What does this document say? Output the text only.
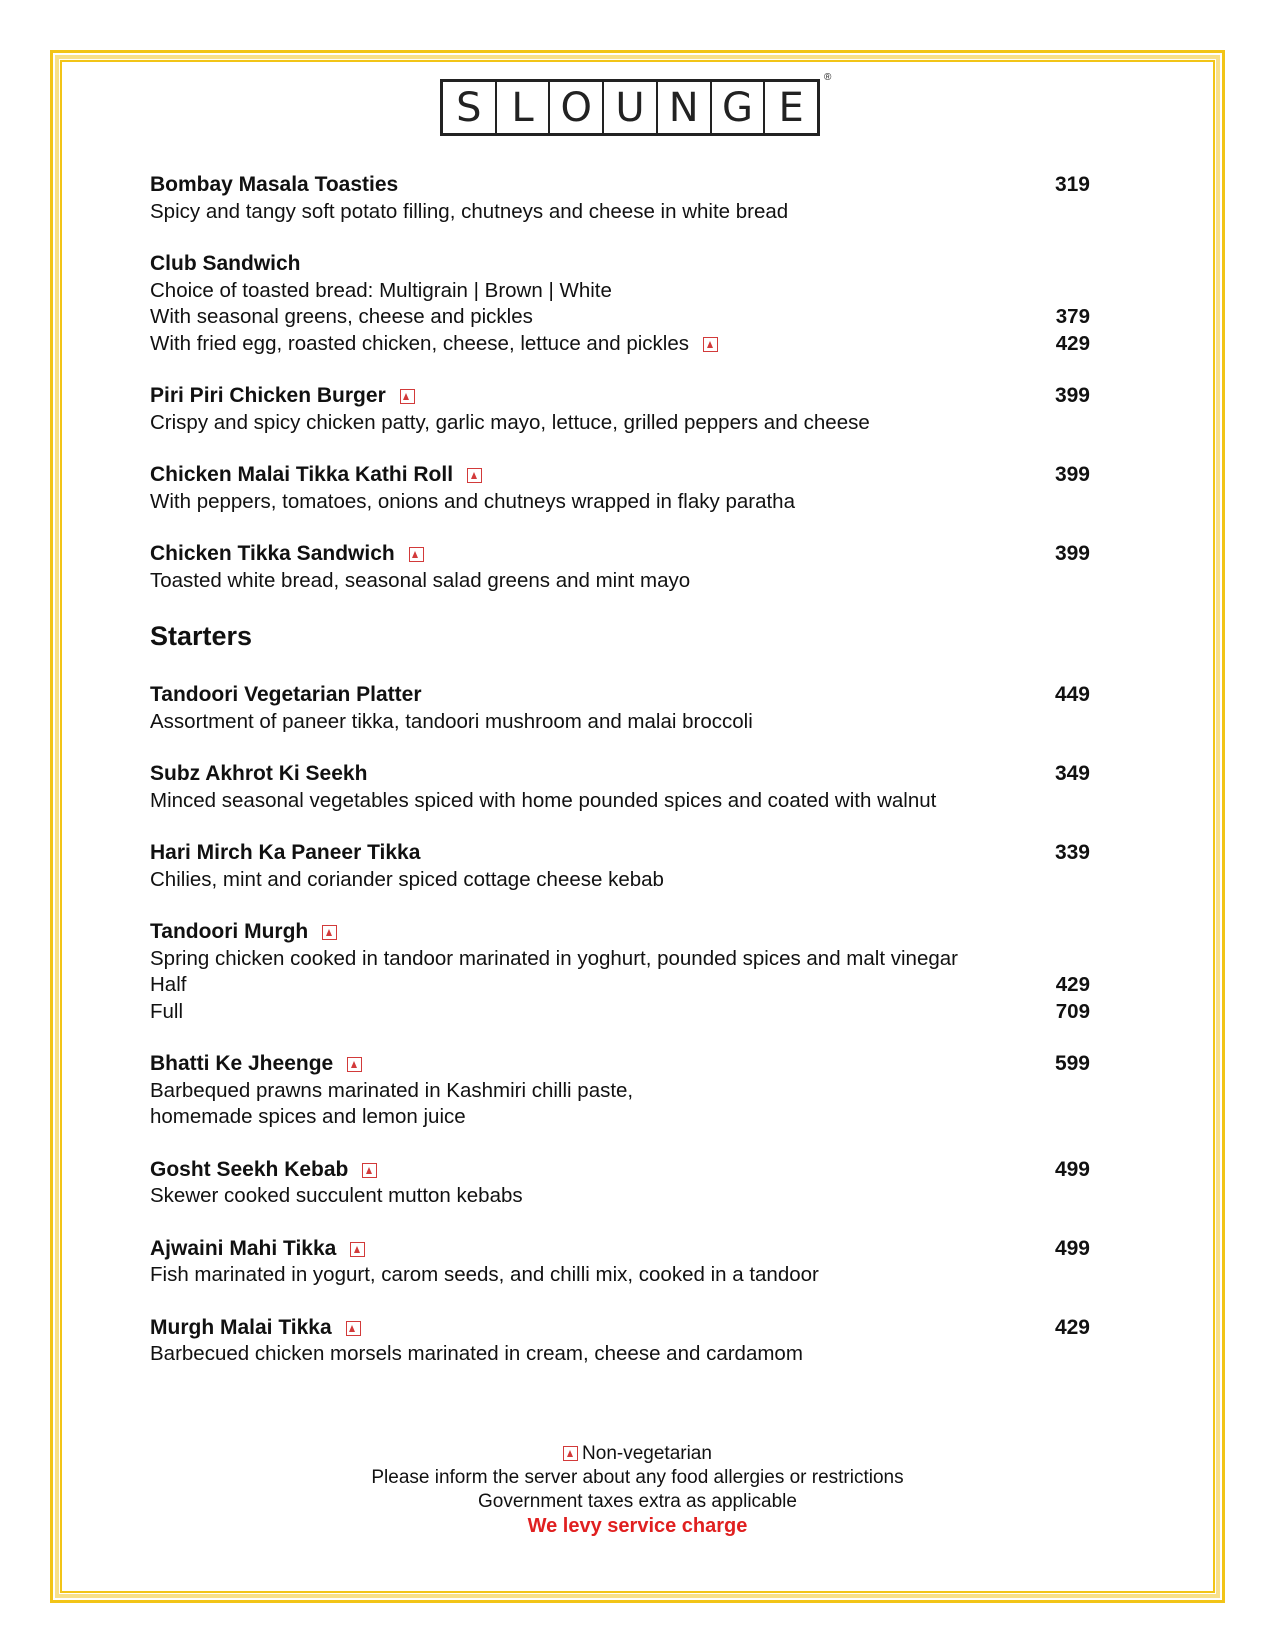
S L O U N G E
®
Bombay Masala Toasties	319
Spicy and tangy soft potato filling, chutneys and cheese in white bread
Club Sandwich
Choice of toasted bread: Multigrain | Brown | White
With seasonal greens, cheese and pickles	379
With fried egg, roasted chicken, cheese, lettuce and pickles	429
Piri Piri Chicken Burger	399
Crispy and spicy chicken patty, garlic mayo, lettuce, grilled peppers and cheese
Chicken Malai Tikka Kathi Roll	399
With peppers, tomatoes, onions and chutneys wrapped in flaky paratha
Chicken Tikka Sandwich	399
Toasted white bread, seasonal salad greens and mint mayo
Starters
Tandoori Vegetarian Platter	449
Assortment of paneer tikka, tandoori mushroom and malai broccoli
Subz Akhrot Ki Seekh	349
Minced seasonal vegetables spiced with home pounded spices and coated with walnut
Hari Mirch Ka Paneer Tikka	339
Chilies, mint and coriander spiced cottage cheese kebab
Tandoori Murgh
Spring chicken cooked in tandoor marinated in yoghurt, pounded spices and malt vinegar
Half	429
Full	709
Bhatti Ke Jheenge	599
Barbequed prawns marinated in Kashmiri chilli paste,
homemade spices and lemon juice
Gosht Seekh Kebab	499
Skewer cooked succulent mutton kebabs
Ajwaini Mahi Tikka	499
Fish marinated in yogurt, carom seeds, and chilli mix, cooked in a tandoor
Murgh Malai Tikka	429
Barbecued chicken morsels marinated in cream, cheese and cardamom
Non-vegetarian
Please inform the server about any food allergies or restrictions
Government taxes extra as applicable
We levy service charge
